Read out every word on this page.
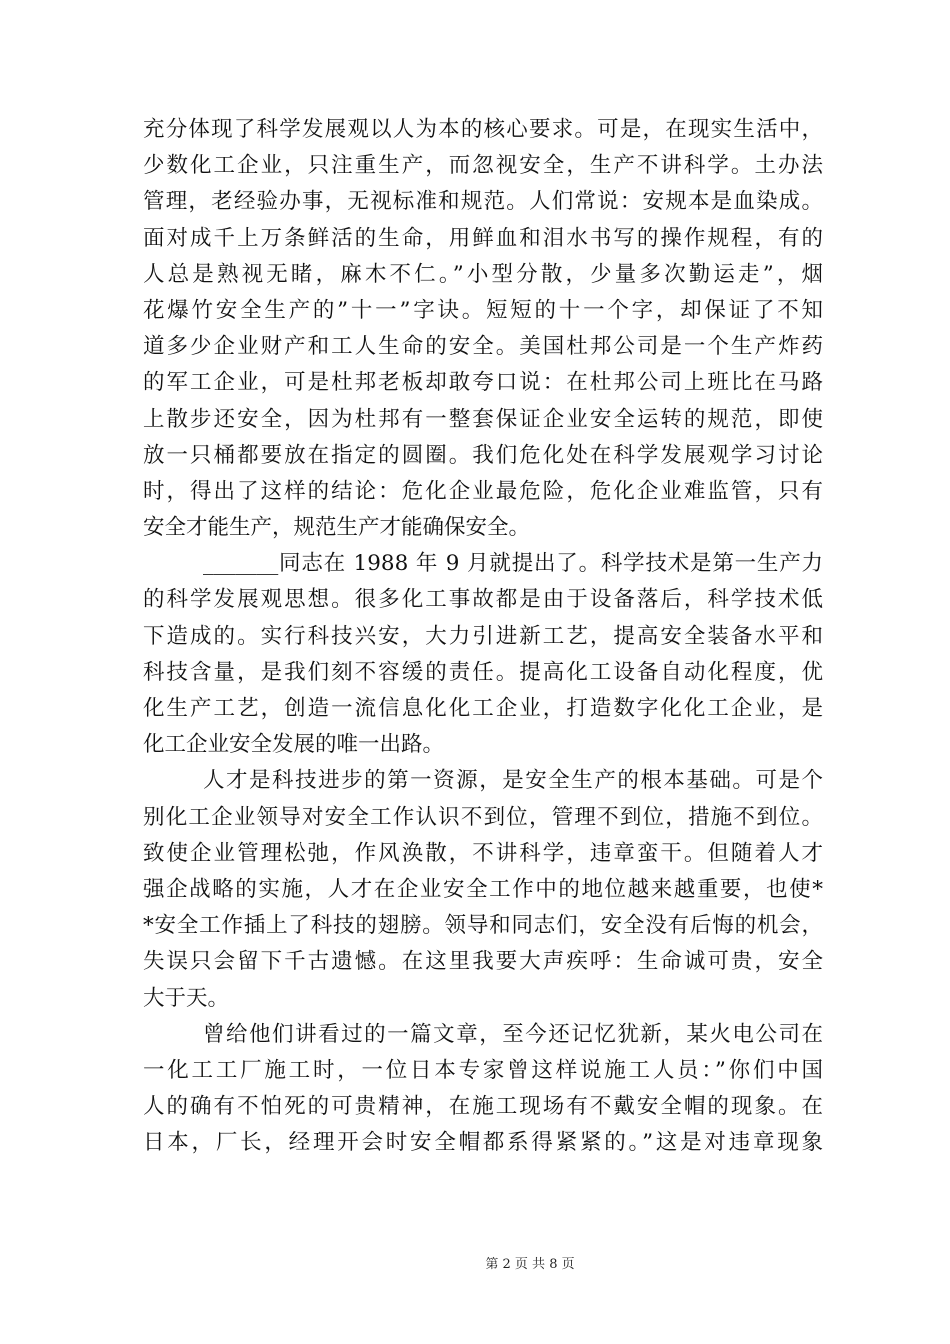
充分体现了科学发展观以人为本的核心要求。可是，在现实生活中，
少数化工企业，只注重生产，而忽视安全，生产不讲科学。土办法
管理，老经验办事，无视标准和规范。人们常说：安规本是血染成。
面对成千上万条鲜活的生命，用鲜血和泪水书写的操作规程，有的
人总是熟视无睹，麻木不仁。”小型分散，少量多次勤运走”，烟
花爆竹安全生产的”十一”字诀。短短的十一个字，却保证了不知
道多少企业财产和工人生命的安全。美国杜邦公司是一个生产炸药
的军工企业，可是杜邦老板却敢夸口说：在杜邦公司上班比在马路
上散步还安全，因为杜邦有一整套保证企业安全运转的规范，即使
放一只桶都要放在指定的圆圈。我们危化处在科学发展观学习讨论
时，得出了这样的结论：危化企业最危险，危化企业难监管，只有
安全才能生产，规范生产才能确保安全。
_______同志在 1988 年 9 月就提出了。科学技术是第一生产力
的科学发展观思想。很多化工事故都是由于设备落后，科学技术低
下造成的。实行科技兴安，大力引进新工艺，提高安全装备水平和
科技含量，是我们刻不容缓的责任。提高化工设备自动化程度，优
化生产工艺，创造一流信息化化工企业，打造数字化化工企业，是
化工企业安全发展的唯一出路。
人才是科技进步的第一资源，是安全生产的根本基础。可是个
别化工企业领导对安全工作认识不到位，管理不到位，措施不到位。
致使企业管理松弛，作风涣散，不讲科学，违章蛮干。但随着人才
强企战略的实施，人才在企业安全工作中的地位越来越重要，也使*
*安全工作插上了科技的翅膀。领导和同志们，安全没有后悔的机会，
失误只会留下千古遗憾。在这里我要大声疾呼：生命诚可贵，安全
大于天。
曾给他们讲看过的一篇文章，至今还记忆犹新，某火电公司在
一化工工厂施工时，一位日本专家曾这样说施工人员：”你们中国
人的确有不怕死的可贵精神，在施工现场有不戴安全帽的现象。在
日本，厂长，经理开会时安全帽都系得紧紧的。”这是对违章现象
第 2 页 共 8 页
